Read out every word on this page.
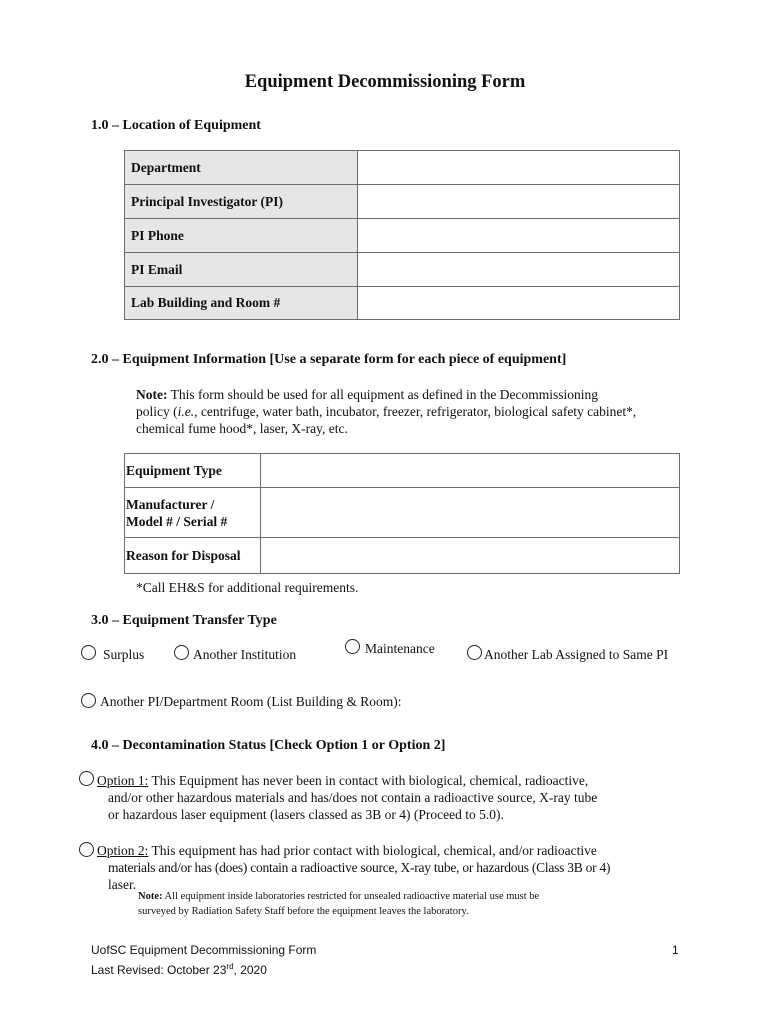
Equipment Decommissioning Form
1.0 – Location of Equipment
Department	
Principal Investigator (PI)	
PI Phone	
PI Email	
Lab Building and Room #	
2.0 – Equipment Information [Use a separate form for each piece of equipment]
Note: This form should be used for all equipment as defined in the Decommissioning
policy (i.e., centrifuge, water bath, incubator, freezer, refrigerator, biological safety cabinet*,
chemical fume hood*, laser, X-ray, etc.
Equipment Type	

Manufacturer /
Model # / Serial #	

Reason for Disposal	
*Call EH&S for additional requirements.
3.0 – Equipment Transfer Type
Surplus	Another Institution	Maintenance	Another Lab Assigned to Same PI
Another PI/Department Room (List Building & Room):
4.0 – Decontamination Status [Check Option 1 or Option 2]
Option 1: This Equipment has never been in contact with biological, chemical, radioactive,
and/or other hazardous materials and has/does not contain a radioactive source, X-ray tube
or hazardous laser equipment (lasers classed as 3B or 4) (Proceed to 5.0).
Option 2: This equipment has had prior contact with biological, chemical, and/or radioactive
materials and/or has (does) contain a radioactive source, X-ray tube, or hazardous (Class 3B or 4)
laser.
Note: All equipment inside laboratories restricted for unsealed radioactive material use must be
surveyed by Radiation Safety Staff before the equipment leaves the laboratory.
UofSC Equipment Decommissioning Form
Last Revised: October 23rd, 2020
1
